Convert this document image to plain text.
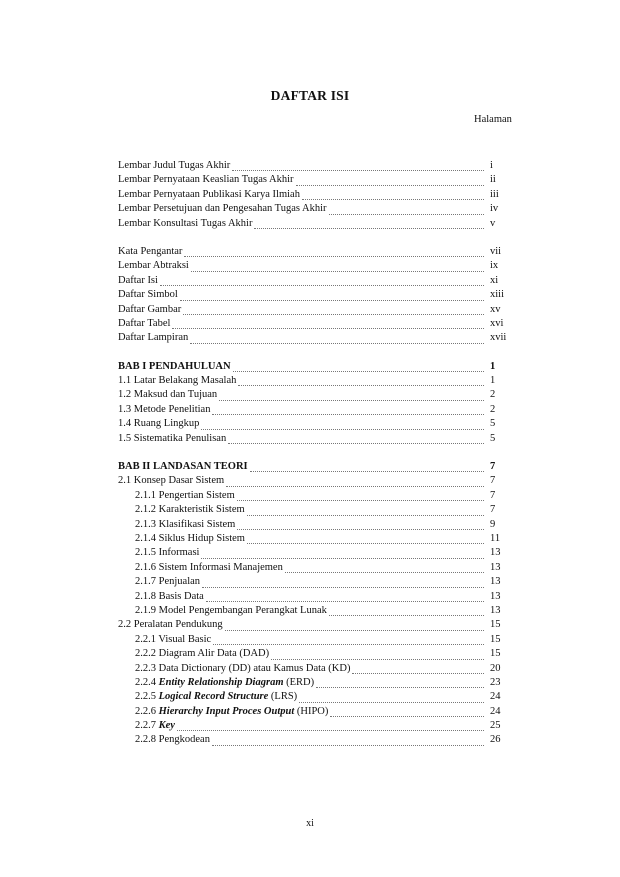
DAFTAR ISI
Halaman
Lembar Judul Tugas Akhir	i
Lembar Pernyataan Keaslian Tugas Akhir	ii
Lembar Pernyataan Publikasi Karya Ilmiah	iii
Lembar Persetujuan dan Pengesahan Tugas Akhir	iv
Lembar Konsultasi Tugas Akhir	v
Kata Pengantar	vii
Lembar Abtraksi	ix
Daftar Isi	xi
Daftar Simbol	xiii
Daftar Gambar	xv
Daftar Tabel	xvi
Daftar Lampiran	xvii
BAB I PENDAHULUAN	1
1.1 Latar Belakang Masalah	1
1.2 Maksud dan Tujuan	2
1.3 Metode Penelitian	2
1.4 Ruang Lingkup	5
1.5 Sistematika Penulisan	5
BAB II LANDASAN TEORI	7
2.1 Konsep Dasar Sistem	7
2.1.1 Pengertian Sistem	7
2.1.2 Karakteristik Sistem	7
2.1.3 Klasifikasi Sistem	9
2.1.4 Siklus Hidup Sistem	11
2.1.5 Informasi	13
2.1.6 Sistem Informasi Manajemen	13
2.1.7 Penjualan	13
2.1.8 Basis Data	13
2.1.9 Model Pengembangan Perangkat Lunak	13
2.2 Peralatan Pendukung	15
2.2.1 Visual Basic	15
2.2.2 Diagram Alir Data (DAD)	15
2.2.3 Data Dictionary (DD) atau Kamus Data (KD)	20
2.2.4 Entity Relationship Diagram (ERD)	23
2.2.5 Logical Record Structure (LRS)	24
2.2.6 Hierarchy Input Proces Output (HIPO)	24
2.2.7 Key	25
2.2.8 Pengkodean	26
xi
